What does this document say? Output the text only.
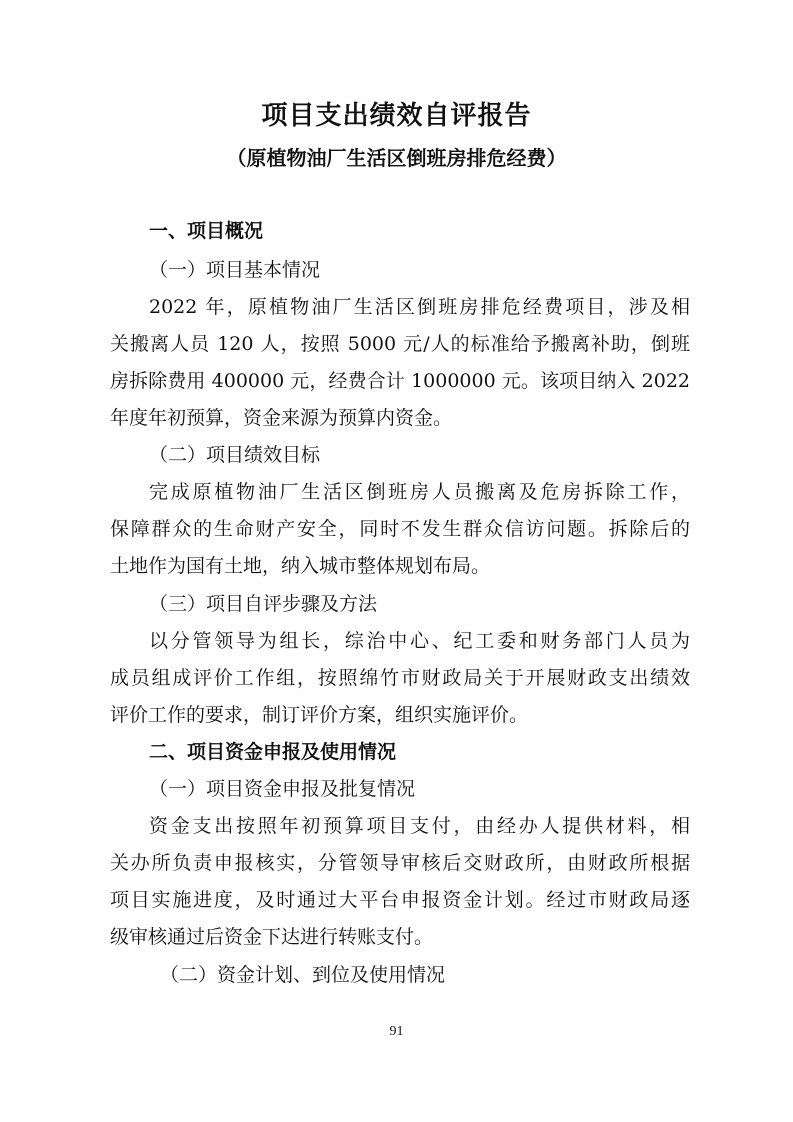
项目支出绩效自评报告
（原植物油厂生活区倒班房排危经费）
一、项目概况
（一）项目基本情况
2022 年，原植物油厂生活区倒班房排危经费项目，涉及相
关搬离人员 120 人，按照 5000 元/人的标准给予搬离补助，倒班
房拆除费用 400000 元，经费合计 1000000 元。该项目纳入 2022
年度年初预算，资金来源为预算内资金。
（二）项目绩效目标
完成原植物油厂生活区倒班房人员搬离及危房拆除工作，
保障群众的生命财产安全，同时不发生群众信访问题。拆除后的
土地作为国有土地，纳入城市整体规划布局。
（三）项目自评步骤及方法
以分管领导为组长，综治中心、纪工委和财务部门人员为
成员组成评价工作组，按照绵竹市财政局关于开展财政支出绩效
评价工作的要求，制订评价方案，组织实施评价。
二、项目资金申报及使用情况
（一）项目资金申报及批复情况
资金支出按照年初预算项目支付，由经办人提供材料，相
关办所负责申报核实，分管领导审核后交财政所，由财政所根据
项目实施进度，及时通过大平台申报资金计划。经过市财政局逐
级审核通过后资金下达进行转账支付。
（二）资金计划、到位及使用情况
91
